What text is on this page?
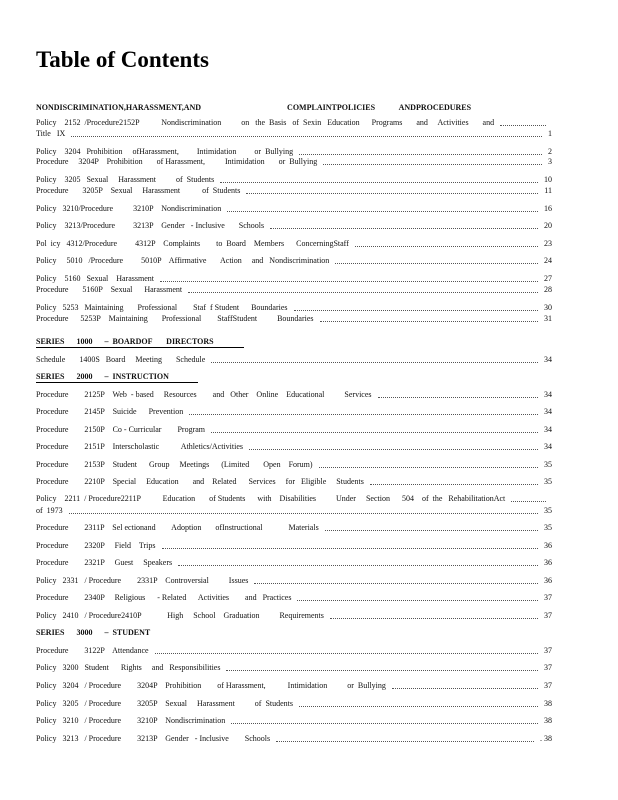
Table of Contents
NONDISCRIMINATION,HARASSMENT,AND                                           COMPLAINTPOLICIES            ANDPROCEDURES
Policy    2152  /Procedure2152P           Nondiscrimination          on   the  Basis   of  Sexin   Education      Programs       and     Activities       and
Title   IX	1
Policy    3204   Prohibition     ofHarassment,         Intimidation         or  Bullying	2
Procedure     3204P    Prohibition       of Harassment,          Intimidation       or  Bullying	3
Policy    3205   Sexual     Harassment          of  Students	10
Procedure       3205P    Sexual     Harassment           of  Students	11
Policy   3210/Procedure          3210P    Nondiscrimination	16
Policy    3213/Procedure         3213P    Gender   - Inclusive       Schools	20
Pol  icy   4312/Procedure         4312P    Complaints        to  Board    Members      ConcerningStaff	23
Policy     5010   /Procedure         5010P    Affirmative       Action     and   Nondiscrimination	24
Policy    5160   Sexual    Harassment	27
Procedure       5160P    Sexual      Harassment	28
Policy   5253   Maintaining       Professional        Staf  f Student      Boundaries	30
Procedure      5253P    Maintaining       Professional        StaffStudent          Boundaries	31
SERIES      1000      –  BOARDOF       DIRECTORS
Schedule       1400S   Board     Meeting       Schedule	34
SERIES      2000      –  INSTRUCTION
Procedure        2125P    Web  - based     Resources        and   Other    Online    Educational          Services	34
Procedure        2145P    Suicide      Prevention	34
Procedure        2150P    Co - Curricular        Program	34
Procedure        2151P    Interscholastic           Athletics/Activities	34
Procedure        2153P    Student      Group     Meetings      (Limited       Open    Forum)	35
Procedure        2210P    Special     Education       and    Related      Services     for   Eligible     Students	35
Policy    2211  / Procedure2211P           Education       of Students      with    Disabilities          Under     Section      504    of  the   RehabilitationAct
of  1973	35
Procedure        2311P    Sel ectionand        Adoption       ofInstructional             Materials	35
Procedure        2320P     Field    Trips	36
Procedure        2321P     Guest     Speakers	36
Policy   2331   / Procedure        2331P    Controversial          Issues	36
Procedure        2340P     Religious      - Related      Activities        and   Practices	37
Policy   2410   / Procedure2410P             High     School    Graduation          Requirements	37
SERIES      3000      –  STUDENT
Procedure        3122P    Attendance	37
Policy   3200   Student      Rights     and   Responsibilities	37
Policy   3204   / Procedure        3204P    Prohibition        of Harassment,           Intimidation          or  Bullying	37
Policy   3205   / Procedure        3205P    Sexual     Harassment          of  Students	38
Policy   3210   / Procedure        3210P    Nondiscrimination	38
Policy   3213   / Procedure        3213P    Gender   - Inclusive        Schools	. 38
